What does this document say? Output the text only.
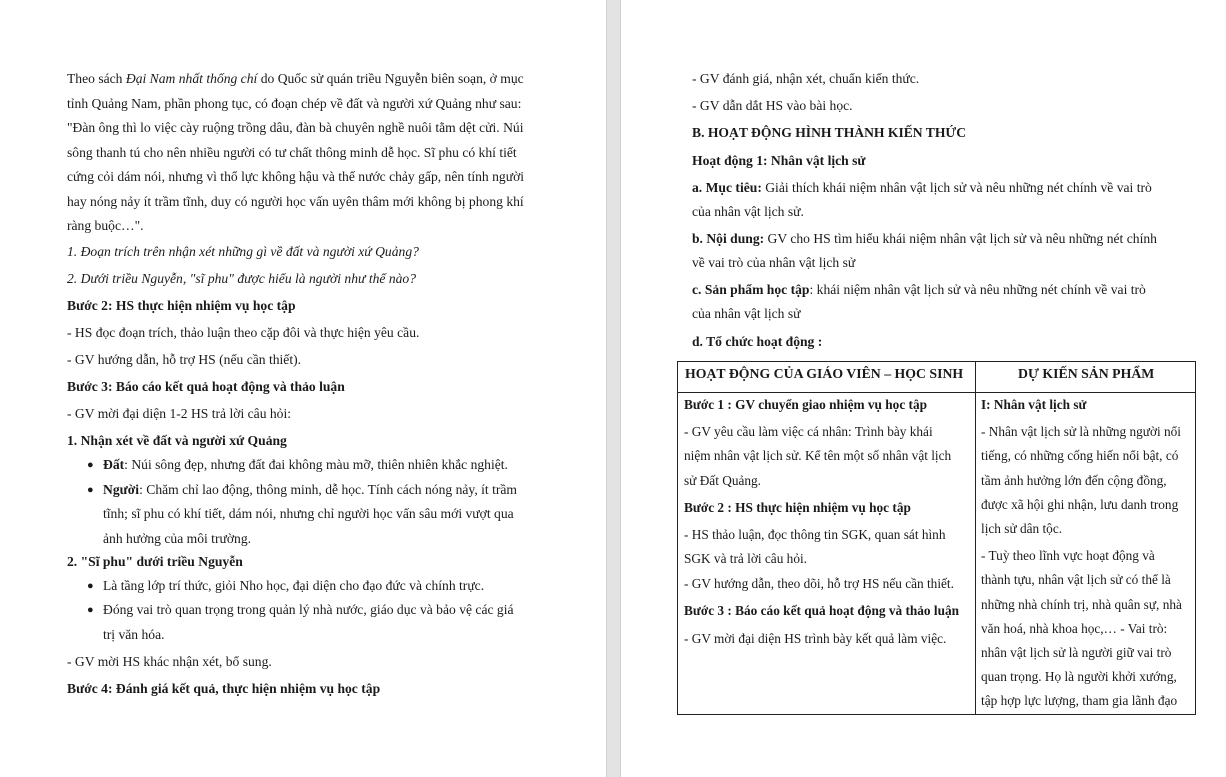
Theo sách Đại Nam nhất thống chí do Quốc sử quán triều Nguyễn biên soạn, ở mục
tỉnh Quảng Nam, phần phong tục, có đoạn chép về đất và người xứ Quảng như sau:
"Đàn ông thì lo việc cày ruộng trồng dâu, đàn bà chuyên nghề nuôi tằm dệt cửi. Núi
sông thanh tú cho nên nhiều người có tư chất thông minh dễ học. Sĩ phu có khí tiết
cứng cỏi dám nói, nhưng vì thổ lực không hậu và thế nước chảy gấp, nên tính người
hay nóng nảy ít trầm tĩnh, duy có người học vấn uyên thâm mới không bị phong khí
ràng buộc…".
1. Đoạn trích trên nhận xét những gì về đất và người xứ Quảng?
2. Dưới triều Nguyễn, "sĩ phu" được hiểu là người như thế nào?
Bước 2: HS thực hiện nhiệm vụ học tập
- HS đọc đoạn trích, thảo luận theo cặp đôi và thực hiện yêu cầu.
- GV hướng dẫn, hỗ trợ HS (nếu cần thiết).
Bước 3: Báo cáo kết quả hoạt động và thảo luận
- GV mời đại diện 1-2 HS trả lời câu hỏi:
1. Nhận xét về đất và người xứ Quảng
● Đất: Núi sông đẹp, nhưng đất đai không màu mỡ, thiên nhiên khắc nghiệt.
● Người: Chăm chỉ lao động, thông minh, dễ học. Tính cách nóng nảy, ít trầm
tĩnh; sĩ phu có khí tiết, dám nói, nhưng chỉ người học vấn sâu mới vượt qua
ảnh hưởng của môi trường.
2. "Sĩ phu" dưới triều Nguyễn
● Là tầng lớp trí thức, giỏi Nho học, đại diện cho đạo đức và chính trực.
● Đóng vai trò quan trọng trong quản lý nhà nước, giáo dục và bảo vệ các giá
trị văn hóa.
- GV mời HS khác nhận xét, bổ sung.
Bước 4: Đánh giá kết quả, thực hiện nhiệm vụ học tập
- GV đánh giá, nhận xét, chuẩn kiến thức.
- GV dẫn dắt HS vào bài học.
B. HOẠT ĐỘNG HÌNH THÀNH KIẾN THỨC
Hoạt động 1: Nhân vật lịch sử
a. Mục tiêu: Giải thích khái niệm nhân vật lịch sử và nêu những nét chính về vai trò
của nhân vật lịch sử.
b. Nội dung: GV cho HS tìm hiểu khái niệm nhân vật lịch sử và nêu những nét chính
về vai trò của nhân vật lịch sử
c. Sản phẩm học tập: khái niệm nhân vật lịch sử và nêu những nét chính về vai trò
của nhân vật lịch sử
d. Tổ chức hoạt động :
HOẠT ĐỘNG CỦA GIÁO VIÊN – HỌC SINH	DỰ KIẾN SẢN PHẨM
Bước 1 : GV chuyển giao nhiệm vụ học tập
- GV yêu cầu làm việc cá nhân: Trình bày khái
niệm nhân vật lịch sử. Kể tên một số nhân vật lịch
sử Đất Quảng.
Bước 2 : HS thực hiện nhiệm vụ học tập
- HS thảo luận, đọc thông tin SGK, quan sát hình
SGK và trả lời câu hỏi.
- GV hướng dẫn, theo dõi, hỗ trợ HS nếu cần thiết.
Bước 3 : Báo cáo kết quả hoạt động và thảo luận
- GV mời đại diện HS trình bày kết quả làm việc.
I: Nhân vật lịch sử
- Nhân vật lịch sử là những người nổi
tiếng, có những cống hiến nổi bật, có
tầm ảnh hưởng lớn đến cộng đồng,
được xã hội ghi nhận, lưu danh trong
lịch sử dân tộc.
- Tuỳ theo lĩnh vực hoạt động và
thành tựu, nhân vật lịch sử có thể là
những nhà chính trị, nhà quân sự, nhà
văn hoá, nhà khoa học,… - Vai trò:
nhân vật lịch sử là người giữ vai trò
quan trọng. Họ là người khởi xướng,
tập hợp lực lượng, tham gia lãnh đạo
